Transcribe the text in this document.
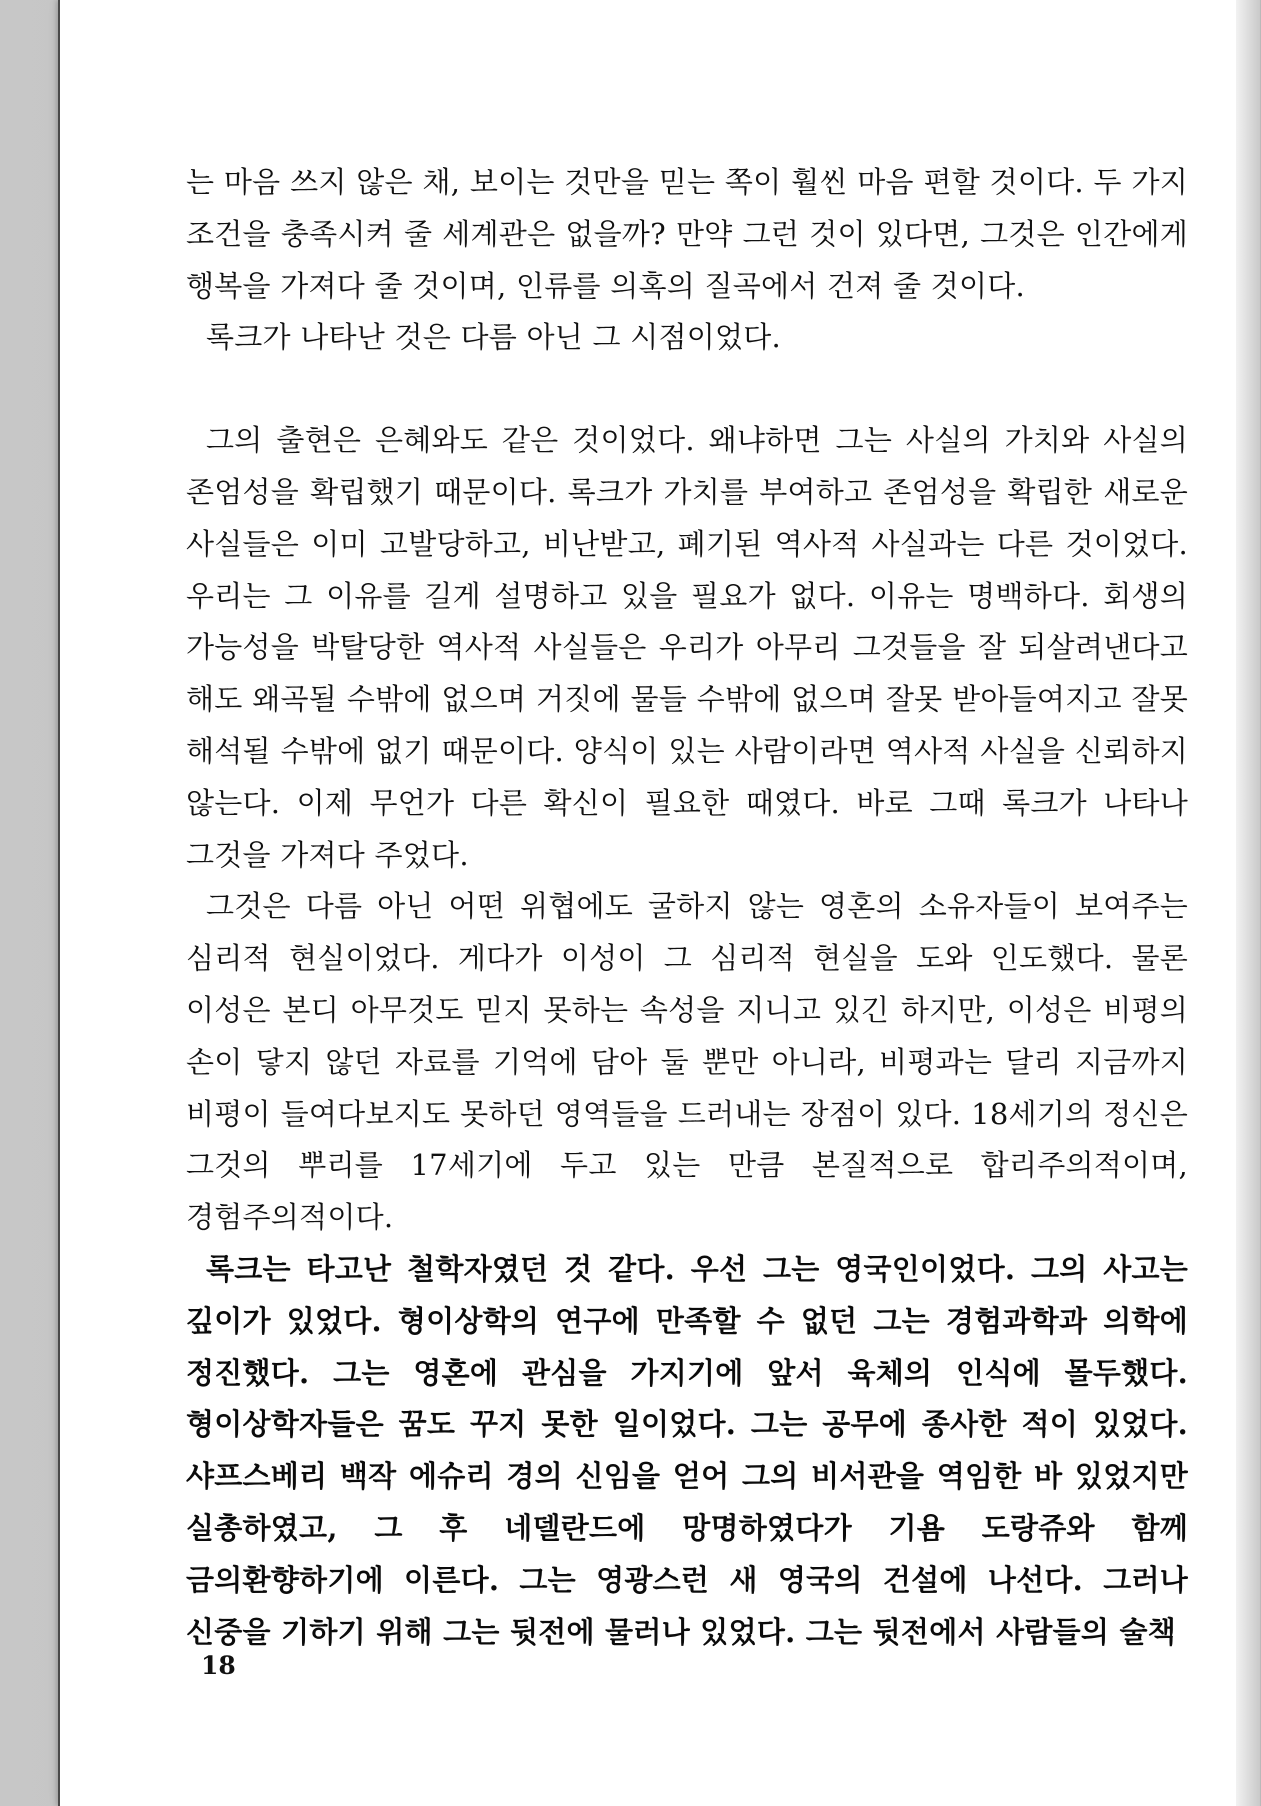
는 마음 쓰지 않은 채, 보이는 것만을 믿는 쪽이 훨씬 마음 편할 것이다. 두 가지 조건을 충족시켜 줄 세계관은 없을까? 만약 그런 것이 있다면, 그것은 인간에게 행복을 가져다 줄 것이며, 인류를 의혹의 질곡에서 건져 줄 것이다.

록크가 나타난 것은 다름 아닌 그 시점이었다.

그의 출현은 은혜와도 같은 것이었다. 왜냐하면 그는 사실의 가치와 사실의 존엄성을 확립했기 때문이다. 록크가 가치를 부여하고 존엄성을 확립한 새로운 사실들은 이미 고발당하고, 비난받고, 폐기된 역사적 사실과는 다른 것이었다. 우리는 그 이유를 길게 설명하고 있을 필요가 없다. 이유는 명백하다. 회생의 가능성을 박탈당한 역사적 사실들은 우리가 아무리 그것들을 잘 되살려낸다고 해도 왜곡될 수밖에 없으며 거짓에 물들 수밖에 없으며 잘못 받아들여지고 잘못 해석될 수밖에 없기 때문이다. 양식이 있는 사람이라면 역사적 사실을 신뢰하지 않는다. 이제 무언가 다른 확신이 필요한 때였다. 바로 그때 록크가 나타나 그것을 가져다 주었다.

그것은 다름 아닌 어떤 위협에도 굴하지 않는 영혼의 소유자들이 보여주는 심리적 현실이었다. 게다가 이성이 그 심리적 현실을 도와 인도했다. 물론 이성은 본디 아무것도 믿지 못하는 속성을 지니고 있긴 하지만, 이성은 비평의 손이 닿지 않던 자료를 기억에 담아 둘 뿐만 아니라, 비평과는 달리 지금까지 비평이 들여다보지도 못하던 영역들을 드러내는 장점이 있다. 18세기의 정신은 그것의 뿌리를 17세기에 두고 있는 만큼 본질적으로 합리주의적이며, 경험주의적이다.

록크는 타고난 철학자였던 것 같다. 우선 그는 영국인이었다. 그의 사고는 깊이가 있었다. 형이상학의 연구에 만족할 수 없던 그는 경험과학과 의학에 정진했다. 그는 영혼에 관심을 가지기에 앞서 육체의 인식에 몰두했다. 형이상학자들은 꿈도 꾸지 못한 일이었다. 그는 공무에 종사한 적이 있었다. 샤프스베리 백작 에슈리 경의 신임을 얻어 그의 비서관을 역임한 바 있었지만 실총하였고, 그 후 네델란드에 망명하였다가 기욤 도랑쥬와 함께 금의환향하기에 이른다. 그는 영광스런 새 영국의 건설에 나선다. 그러나 신중을 기하기 위해 그는 뒷전에 물러나 있었다. 그는 뒷전에서 사람들의 술책

18
